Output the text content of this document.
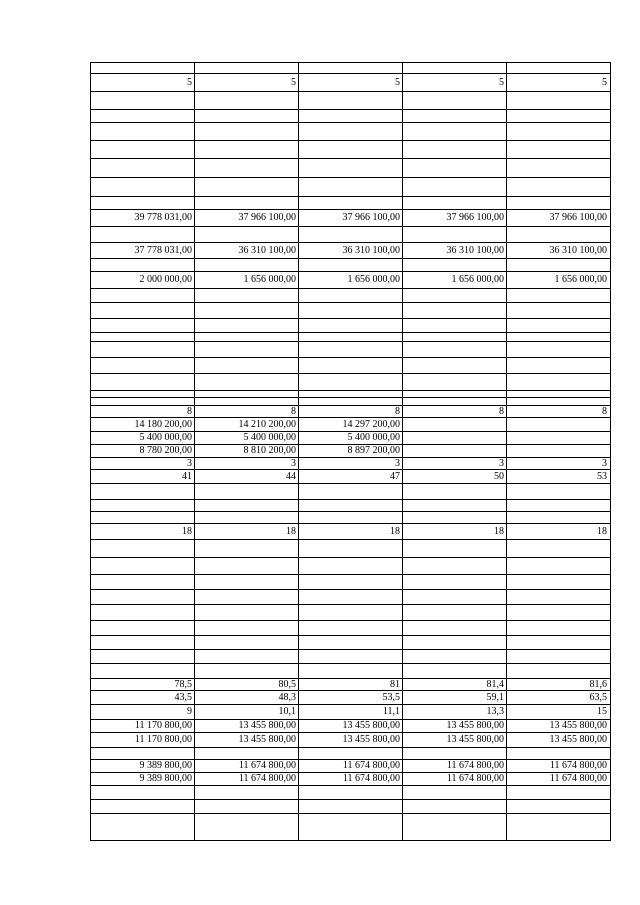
5	5	5	5	5
39 778 031,00	37 966 100,00	37 966 100,00	37 966 100,00	37 966 100,00
37 778 031,00	36 310 100,00	36 310 100,00	36 310 100,00	36 310 100,00
2 000 000,00	1 656 000,00	1 656 000,00	1 656 000,00	1 656 000,00
8	8	8	8	8
14 180 200,00	14 210 200,00	14 297 200,00
5 400 000,00	5 400 000,00	5 400 000,00
8 780 200,00	8 810 200,00	8 897 200,00
3	3	3	3	3
41	44	47	50	53
18	18	18	18	18
78,5	80,5	81	81,4	81,6
43,5	48,3	53,5	59,1	63,5
9	10,1	11,1	13,3	15
11 170 800,00	13 455 800,00	13 455 800,00	13 455 800,00	13 455 800,00
11 170 800,00	13 455 800,00	13 455 800,00	13 455 800,00	13 455 800,00
9 389 800,00	11 674 800,00	11 674 800,00	11 674 800,00	11 674 800,00
9 389 800,00	11 674 800,00	11 674 800,00	11 674 800,00	11 674 800,00
